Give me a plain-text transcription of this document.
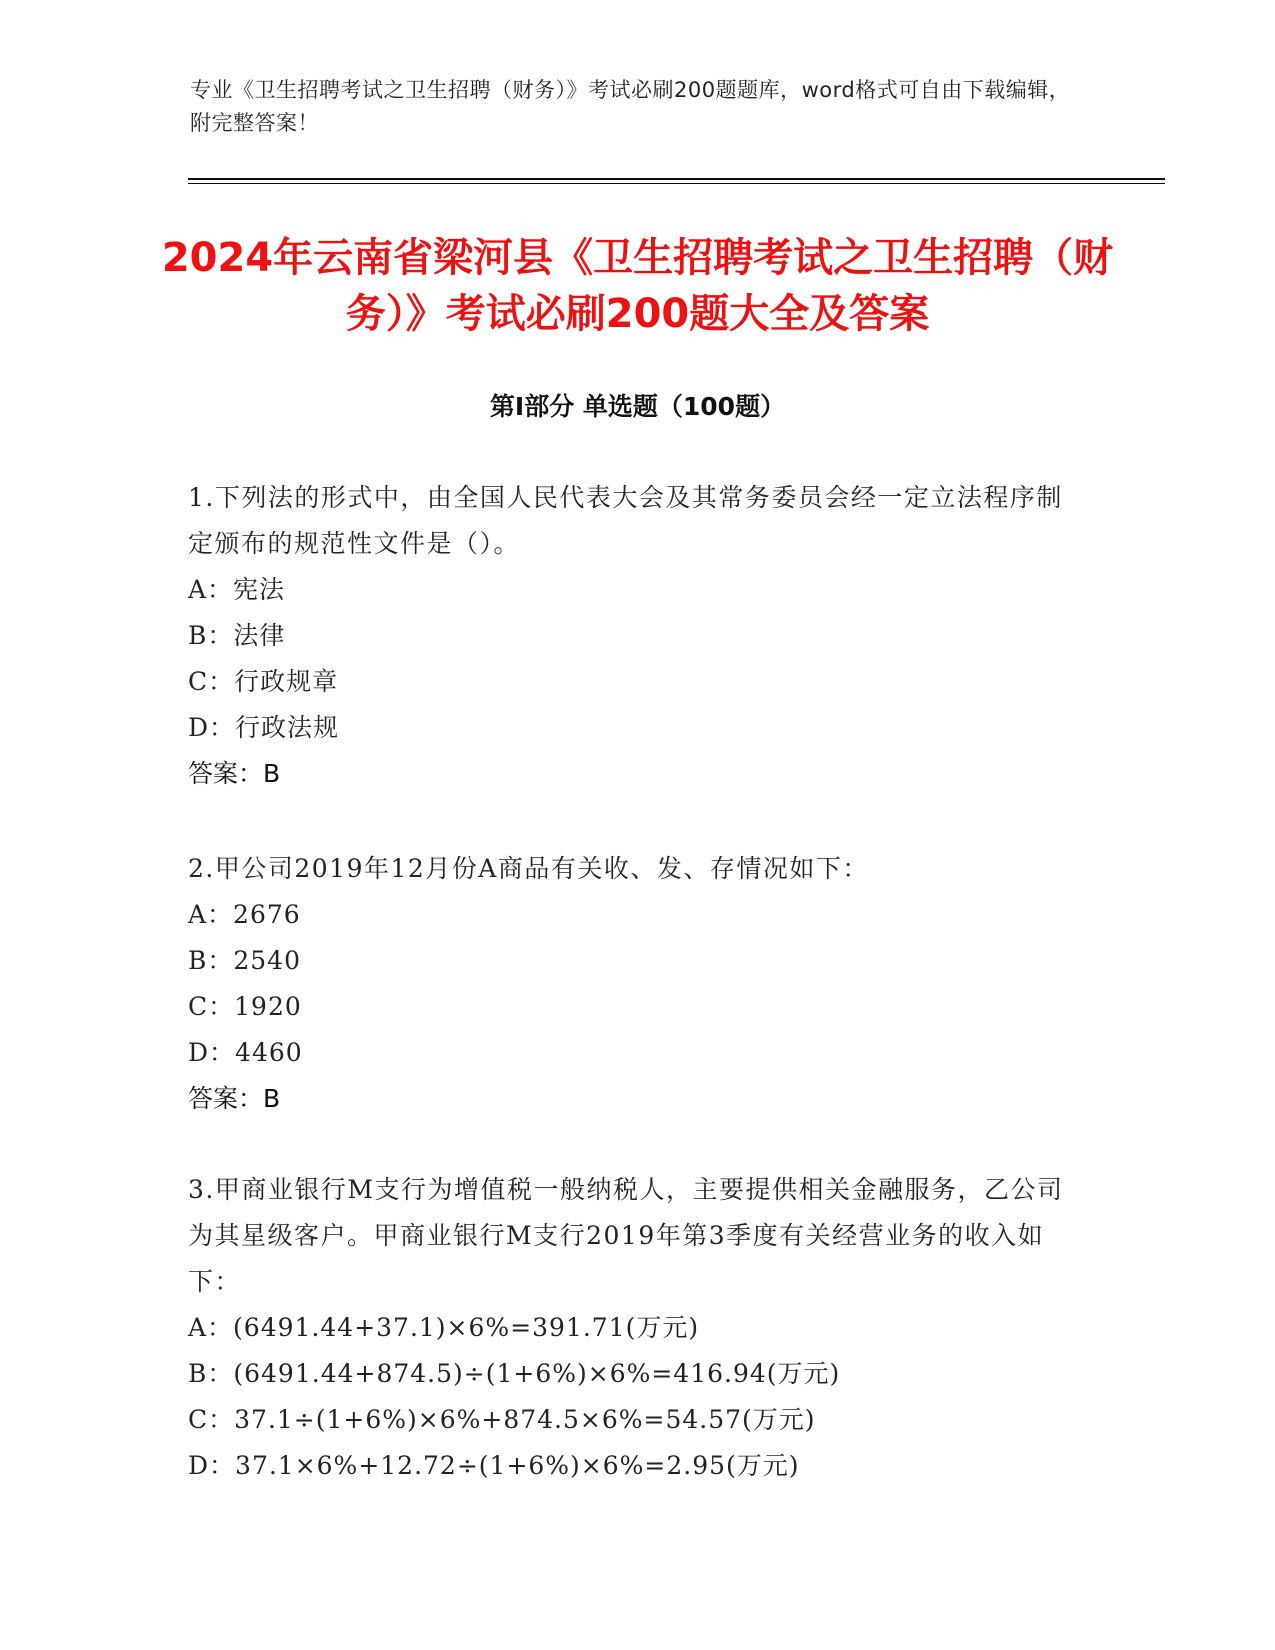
专业《卫生招聘考试之卫生招聘（财务）》考试必刷200题题库，word格式可自由下载编辑，附完整答案！
2024年云南省梁河县《卫生招聘考试之卫生招聘（财务）》考试必刷200题大全及答案
第Ⅰ部分 单选题（100题）
1.下列法的形式中，由全国人民代表大会及其常务委员会经一定立法程序制定颁布的规范性文件是（）。
A：宪法
B：法律
C：行政规章
D：行政法规
答案：B
2.甲公司2019年12月份A商品有关收、发、存情况如下：
A：2676
B：2540
C：1920
D：4460
答案：B
3.甲商业银行M支行为增值税一般纳税人，主要提供相关金融服务，乙公司为其星级客户。甲商业银行M支行2019年第3季度有关经营业务的收入如下：
A：(6491.44+37.1)×6%=391.71(万元)
B：(6491.44+874.5)÷(1+6%)×6%=416.94(万元)
C：37.1÷(1+6%)×6%+874.5×6%=54.57(万元)
D：37.1×6%+12.72÷(1+6%)×6%=2.95(万元)
